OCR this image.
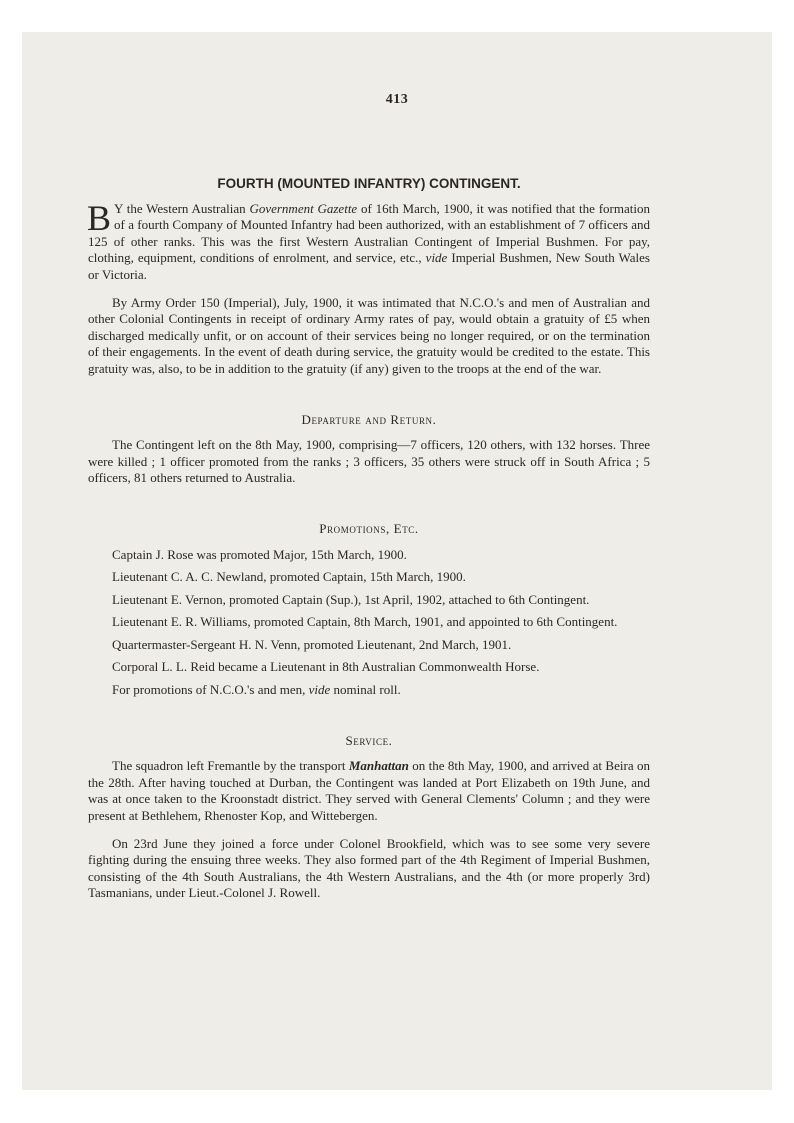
413
FOURTH (MOUNTED INFANTRY) CONTINGENT.

B Y the Western Australian Government Gazette of 16th March, 1900, it was notified that the formation of a fourth Company of Mounted Infantry had been authorized, with an establishment of 7 officers and 125 of other ranks. This was the first Western Australian Contingent of Imperial Bushmen. For pay, clothing, equipment, conditions of enrolment, and service, etc., vide Imperial Bushmen, New South Wales or Victoria.

By Army Order 150 (Imperial), July, 1900, it was intimated that N.C.O.'s and men of Australian and other Colonial Contingents in receipt of ordinary Army rates of pay, would obtain a gratuity of £5 when discharged medically unfit, or on account of their services being no longer required, or on the termination of their engagements. In the event of death during service, the gratuity would be credited to the estate. This gratuity was, also, to be in addition to the gratuity (if any) given to the troops at the end of the war.

Departure and Return.

The Contingent left on the 8th May, 1900, comprising—7 officers, 120 others, with 132 horses. Three were killed ; 1 officer promoted from the ranks ; 3 officers, 35 others were struck off in South Africa ; 5 officers, 81 others returned to Australia.

Promotions, Etc.

Captain J. Rose was promoted Major, 15th March, 1900.

Lieutenant C. A. C. Newland, promoted Captain, 15th March, 1900.

Lieutenant E. Vernon, promoted Captain (Sup.), 1st April, 1902, attached to 6th Contingent.

Lieutenant E. R. Williams, promoted Captain, 8th March, 1901, and appointed to 6th Contingent.

Quartermaster-Sergeant H. N. Venn, promoted Lieutenant, 2nd March, 1901.

Corporal L. L. Reid became a Lieutenant in 8th Australian Commonwealth Horse.

For promotions of N.C.O.'s and men, vide nominal roll.

Service.

The squadron left Fremantle by the transport Manhattan on the 8th May, 1900, and arrived at Beira on the 28th. After having touched at Durban, the Contingent was landed at Port Elizabeth on 19th June, and was at once taken to the Kroonstadt district. They served with General Clements' Column ; and they were present at Bethlehem, Rhenoster Kop, and Wittebergen.

On 23rd June they joined a force under Colonel Brookfield, which was to see some very severe fighting during the ensuing three weeks. They also formed part of the 4th Regiment of Imperial Bushmen, consisting of the 4th South Australians, the 4th Western Australians, and the 4th (or more properly 3rd) Tasmanians, under Lieut.-Colonel J. Rowell.
